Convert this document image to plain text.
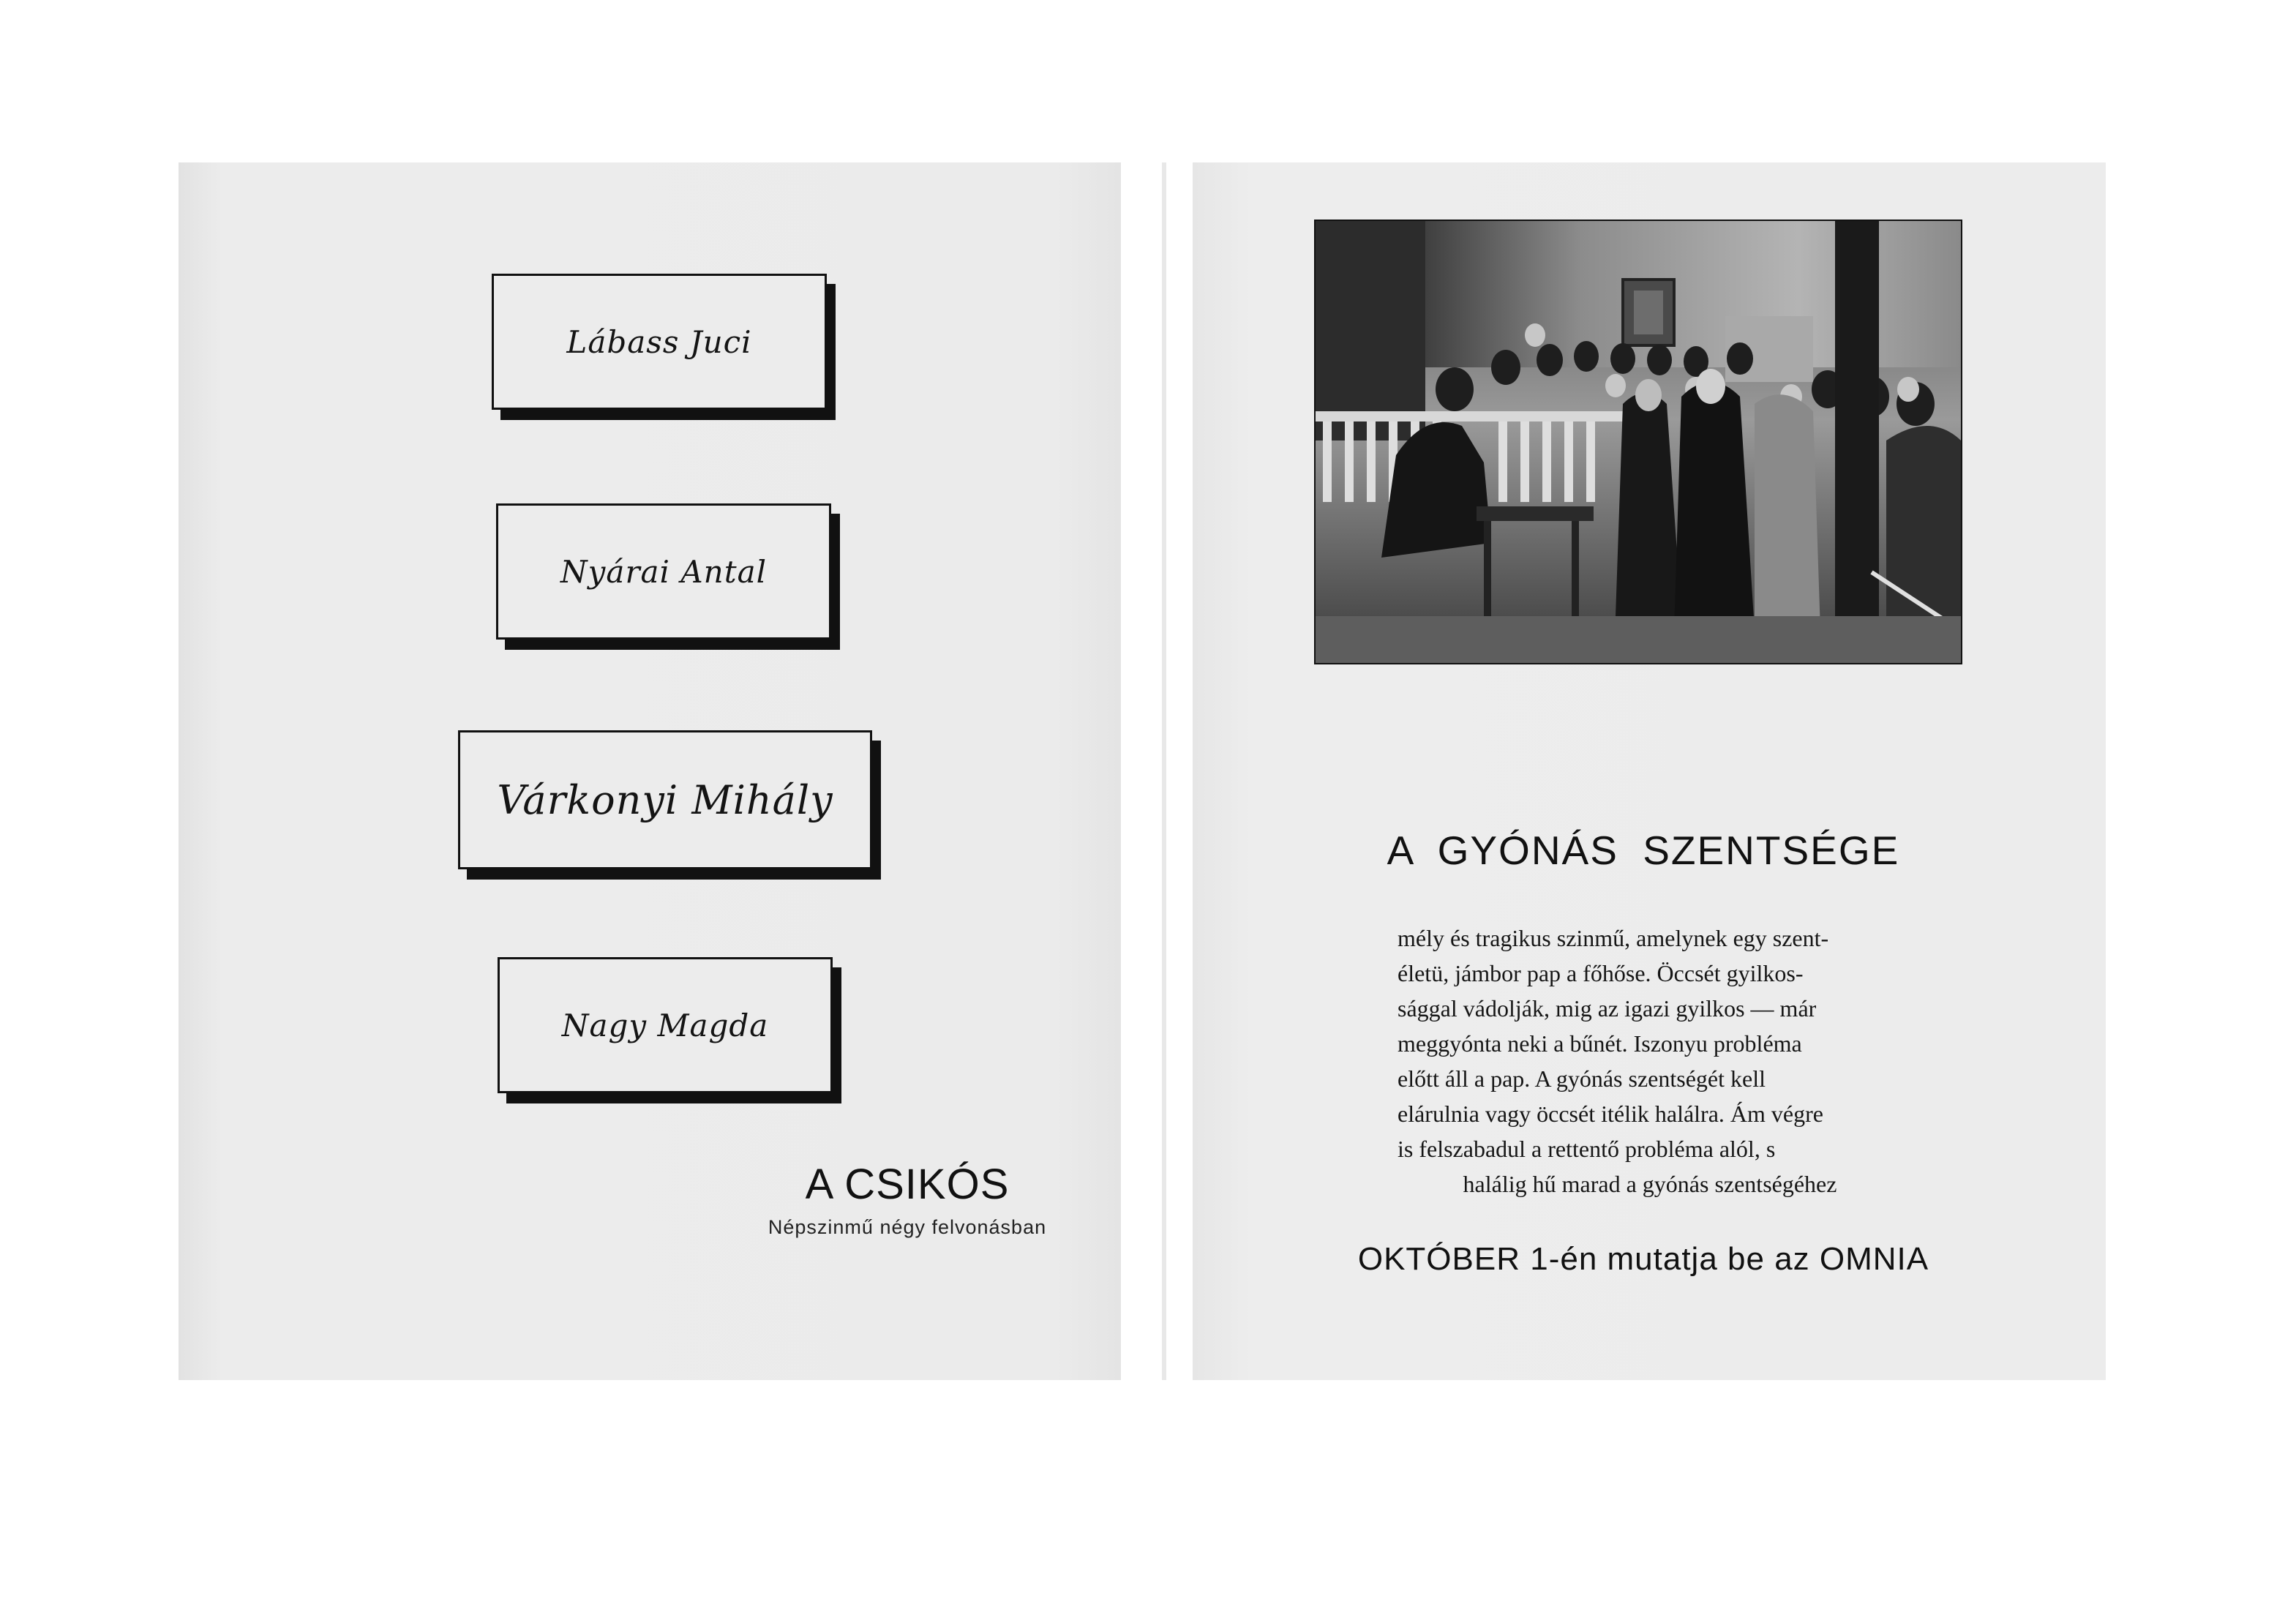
Lábass Juci
Nyárai Antal
Várkonyi Mihály
Nagy Magda
A CSIKÓS
Népszinmű négy felvonásban
A GYÓNÁS SZENTSÉGE
mély és tragikus szinmű, amelynek egy szent-
életü, jámbor pap a főhőse. Öccsét gyilkos-
sággal vádolják, mig az igazi gyilkos — már
meggyónta neki a bűnét. Iszonyu probléma
előtt áll a pap. A gyónás szentségét kell
elárulnia vagy öccsét itélik halálra. Ám végre
is felszabadul a rettentő probléma alól, s
halálig hű marad a gyónás szentségéhez
OKTÓBER 1-én mutatja be az OMNIA
